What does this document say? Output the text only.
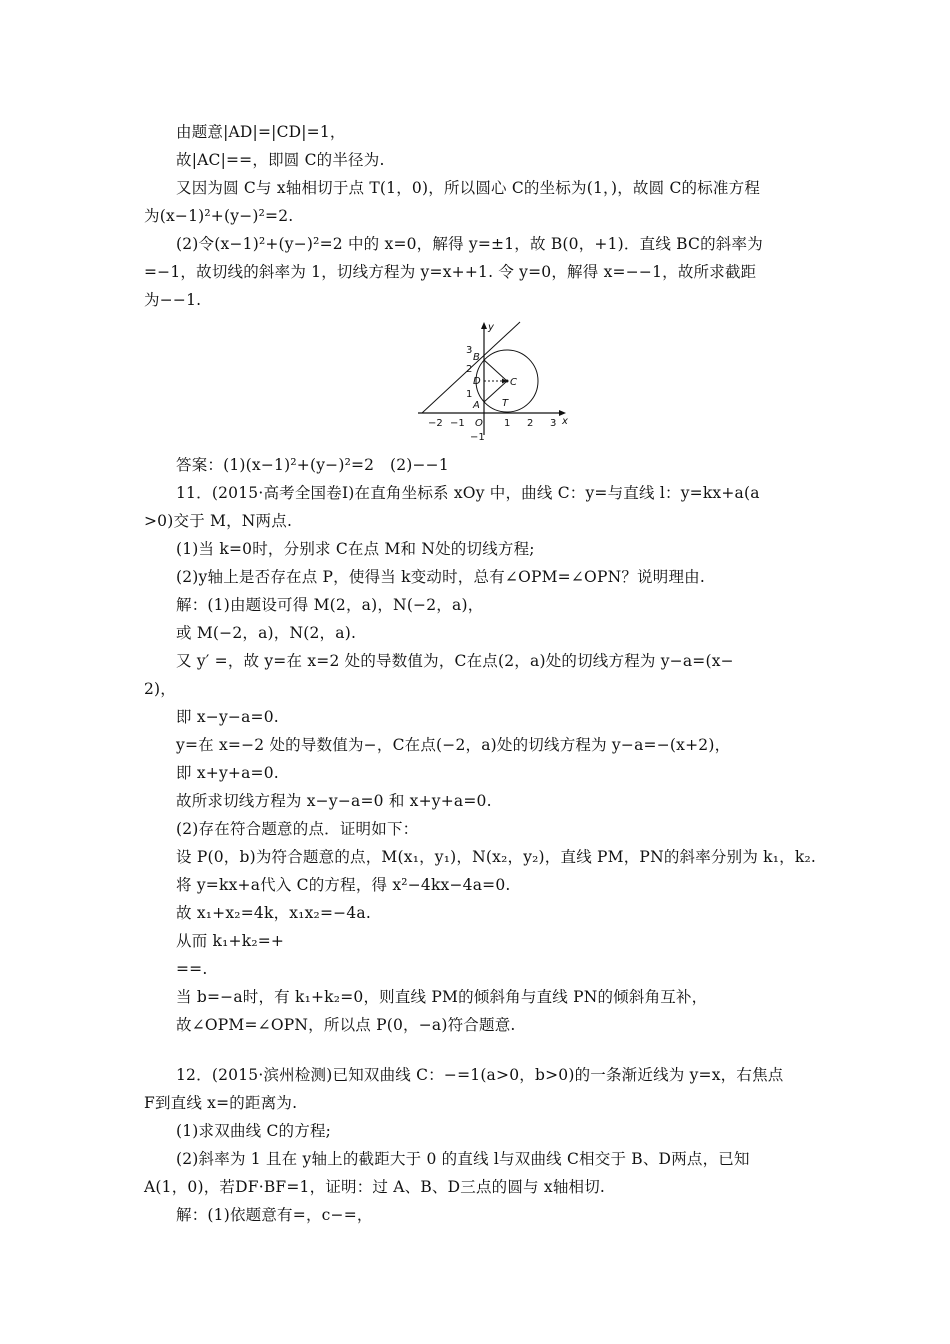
由题意|AD|=|CD|=1，
故|AC|==，即圆 C的半径为.
又因为圆 C与 x轴相切于点 T(1，0)，所以圆心 C的坐标为(1，)，故圆 C的标准方程
为(x−1)²+(y−)²=2.
(2)令(x−1)²+(y−)²=2 中的 x=0，解得 y=±1，故 B(0，+1)．直线 BC的斜率为
=−1，故切线的斜率为 1，切线方程为 y=x++1. 令 y=0，解得 x=−−1，故所求截距
为−−1.
−2 −1 O 1 2 3 x
3
2
1
−1
y
B
D	C
A T
答案：(1)(x−1)²+(y−)²=2　(2)−−1
11．(2015·高考全国卷Ⅰ)在直角坐标系 xOy 中，曲线 C：y=与直线 l：y=kx+a(a
>0)交于 M，N两点.
(1)当 k=0时，分别求 C在点 M和 N处的切线方程;
(2)y轴上是否存在点 P，使得当 k变动时，总有∠OPM=∠OPN？说明理由.
解：(1)由题设可得 M(2，a)，N(−2，a)，
或 M(−2，a)，N(2，a).
又 y′ =，故 y=在 x=2 处的导数值为，C在点(2，a)处的切线方程为 y−a=(x−
2)，
即 x−y−a=0.
y=在 x=−2 处的导数值为−，C在点(−2，a)处的切线方程为 y−a=−(x+2)，
即 x+y+a=0.
故所求切线方程为 x−y−a=0 和 x+y+a=0.
(2)存在符合题意的点．证明如下：
设 P(0，b)为符合题意的点，M(x₁，y₁)，N(x₂，y₂)，直线 PM，PN的斜率分别为 k₁，k₂.
将 y=kx+a代入 C的方程，得 x²−4kx−4a=0.
故 x₁+x₂=4k，x₁x₂=−4a.
从而 k₁+k₂=+
==.
当 b=−a时，有 k₁+k₂=0，则直线 PM的倾斜角与直线 PN的倾斜角互补，
故∠OPM=∠OPN，所以点 P(0，−a)符合题意.
12．(2015·滨州检测)已知双曲线 C：−=1(a>0，b>0)的一条渐近线为 y=x，右焦点
F到直线 x=的距离为.
(1)求双曲线 C的方程;
(2)斜率为 1 且在 y轴上的截距大于 0 的直线 l与双曲线 C相交于 B、D两点，已知
A(1，0)，若DF·BF=1，证明：过 A、B、D三点的圆与 x轴相切.
解：(1)依题意有=，c−=，
